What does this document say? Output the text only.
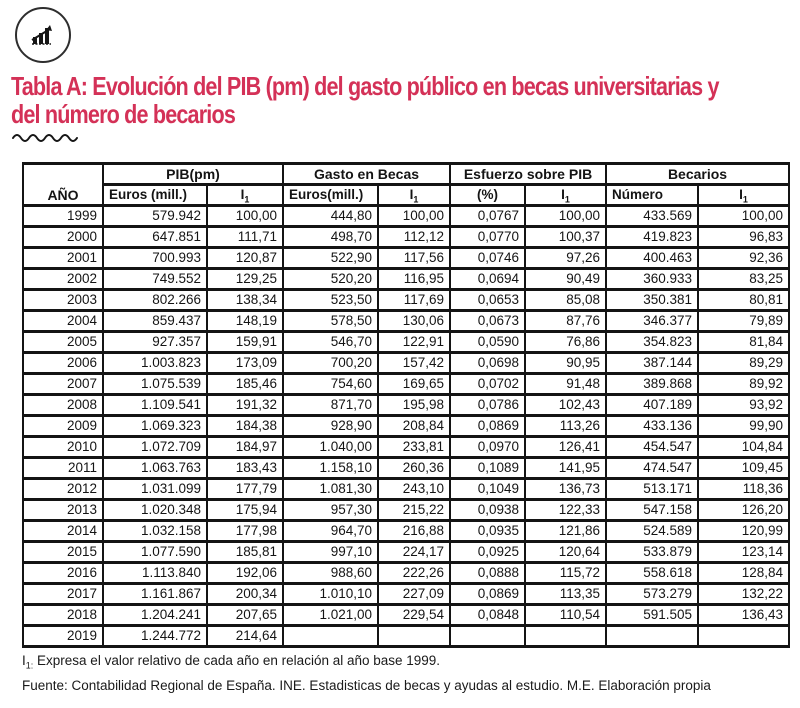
Tabla A: Evolución del PIB (pm) del gasto público en becas universitarias y
del número de becarios
AÑO	PIB(pm)		Gasto en Becas		Esfuerzo sobre PIB		Becarios	
	Euros (mill.)	$I_1$	Euros(mill.)	$I_1$	(%)	$I_1$	Número	$I_1$
1999	579.942	100,00	444,80	100,00	0,0767	100,00	433.569	100,00
2000	647.851	111,71	498,70	112,12	0,0770	100,37	419.823	96,83
2001	700.993	120,87	522,90	117,56	0,0746	97,26	400.463	92,36
2002	749.552	129,25	520,20	116,95	0,0694	90,49	360.933	83,25
2003	802.266	138,34	523,50	117,69	0,0653	85,08	350.381	80,81
2004	859.437	148,19	578,50	130,06	0,0673	87,76	346.377	79,89
2005	927.357	159,91	546,70	122,91	0,0590	76,86	354.823	81,84
2006	1.003.823	173,09	700,20	157,42	0,0698	90,95	387.144	89,29
2007	1.075.539	185,46	754,60	169,65	0,0702	91,48	389.868	89,92
2008	1.109.541	191,32	871,70	195,98	0,0786	102,43	407.189	93,92
2009	1.069.323	184,38	928,90	208,84	0,0869	113,26	433.136	99,90
2010	1.072.709	184,97	1.040,00	233,81	0,0970	126,41	454.547	104,84
2011	1.063.763	183,43	1.158,10	260,36	0,1089	141,95	474.547	109,45
2012	1.031.099	177,79	1.081,30	243,10	0,1049	136,73	513.171	118,36
2013	1.020.348	175,94	957,30	215,22	0,0938	122,33	547.158	126,20
2014	1.032.158	177,98	964,70	216,88	0,0935	121,86	524.589	120,99
2015	1.077.590	185,81	997,10	224,17	0,0925	120,64	533.879	123,14
2016	1.113.840	192,06	988,60	222,26	0,0888	115,72	558.618	128,84
2017	1.161.867	200,34	1.010,10	227,09	0,0869	113,35	573.279	132,22
2018	1.204.241	207,65	1.021,00	229,54	0,0848	110,54	591.505	136,43
2019	1.244.772	214,64						

$I_{1:}$ Expresa el valor relativo de cada año en relación al año base 1999.

Fuente: Contabilidad Regional de España. INE. Estadisticas de becas y ayudas al estudio. M.E. Elaboración propia
